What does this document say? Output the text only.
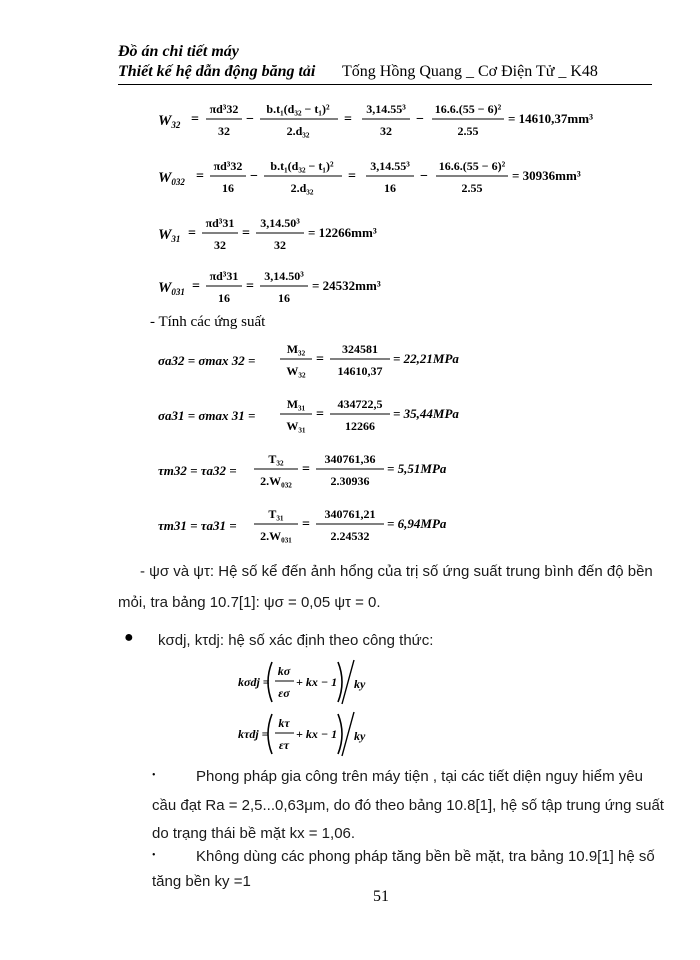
Đồ án chi tiết máy
Thiết kế hệ dẫn động băng tải Tống Hồng Quang _ Cơ Điện Tử _ K48
$W_{32}$ =
πd³32
32
−
b.t₁(d₃₂ − t₁)²
2.d₃₂
=
3,14.55³
32
−
16.6.(55 − 6)²
2.55
= 14610,37mm³
$W_{032}$ =
πd³32
16
−
b.t₁(d₃₂ − t₁)²
2.d₃₂
=
3,14.55³
16
−
16.6.(55 − 6)²
2.55
= 30936mm³
$W_{31}$ =
πd³31
32
=
3,14.50³
32
= 12266mm³
$W_{031}$ =
πd³31
16
=
3,14.50³
16
= 24532mm³
- Tính các ứng suất
σa32 = σmax 32 =
M₃₂
W₃₂
=
324581
14610,37
= 22,21MPa
σa31 = σmax 31 =
M₃₁
W₃₁
=
434722,5
12266
= 35,44MPa
τm32 = τa32 =
T₃₂
2.W₀₃₂
=
340761,36
2.30936
= 5,51MPa
τm31 = τa31 =
T₃₁
2.W₀₃₁
=
340761,21
2.24532
= 6,94MPa
- ψσ và ψτ: Hệ số kể đến ảnh hổng của trị số ứng suất trung bình đến độ bền
mỏi, tra bảng 10.7[1]: ψσ = 0,05 ψτ = 0.
● kσdj, kτdj: hệ số xác định theo công thức:
kσdj =
kσ
εσ
+ kx − 1 ky
kτdj =
kτ
ετ
+ kx − 1 ky
•	Phong pháp gia công trên máy tiện , tại các tiết diện nguy hiểm yêu
cầu đạt Ra = 2,5...0,63μm, do đó theo bảng 10.8[1], hệ số tập trung ứng suất
do trạng thái bề mặt kx = 1,06.
•	Không dùng các phong pháp tăng bền bề mặt, tra bảng 10.9[1] hệ số
tăng bền ky =1
51
